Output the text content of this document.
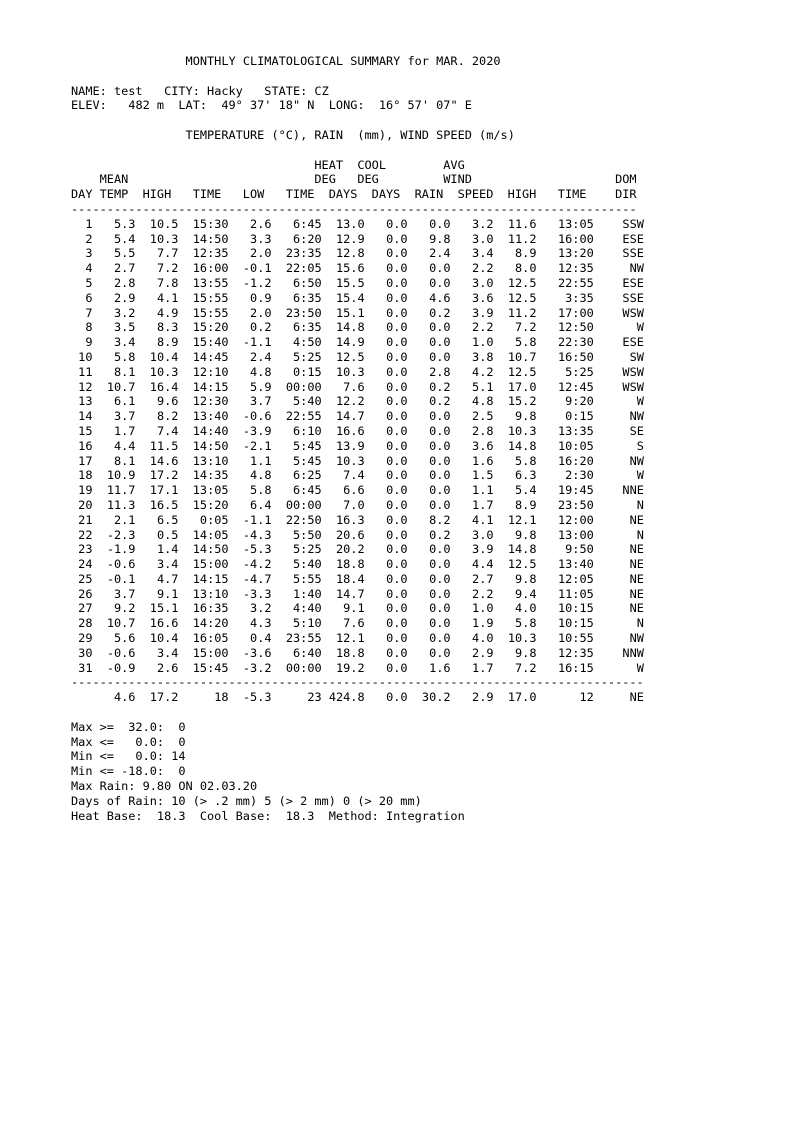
MONTHLY CLIMATOLOGICAL SUMMARY for MAR. 2020

NAME: test   CITY: Hacky   STATE: CZ
ELEV:   482 m  LAT:  49° 37' 18" N  LONG:  16° 57' 07" E

TEMPERATURE (°C), RAIN  (mm), WIND SPEED (m/s)

HEAT  COOL        AVG
MEAN                          DEG   DEG         WIND                    DOM
DAY TEMP  HIGH   TIME   LOW   TIME  DAYS  DAYS  RAIN  SPEED  HIGH   TIME    DIR
-------------------------------------------------------------------------------
1 5.3 10.5 15:30 2.6 6:45 13.0 0.0 0.0 3.2 11.6 13:05 SSW
2 5.4 10.3 14:50 3.3 6:20 12.9 0.0 9.8 3.0 11.2 16:00 ESE
3 5.5 7.7 12:35 2.0 23:35 12.8 0.0 2.4 3.4 8.9 13:20 SSE
4 2.7 7.2 16:00 -0.1 22:05 15.6 0.0 0.0 2.2 8.0 12:35	NW
5 2.8 7.8 13:55 -1.2 6:50 15.5 0.0 0.0 3.0 12.5 22:55 ESE
6 2.9 4.1 15:55 0.9 6:35 15.4 0.0 4.6 3.6 12.5 3:35 SSE
7 3.2 4.9 15:55 2.0 23:50 15.1 0.0 0.2 3.9 11.2 17:00 WSW
8 3.5 8.3 15:20 0.2 6:35 14.8 0.0 0.0 2.2 7.2 12:50	W
9 3.4 8.9 15:40 -1.1 4:50 14.9 0.0 0.0 1.0 5.8 22:30 ESE
10 5.8 10.4 14:45 2.4 5:25 12.5 0.0 0.0 3.8 10.7 16:50	SW
11 8.1 10.3 12:10 4.8 0:15 10.3 0.0 2.8 4.2 12.5 5:25 WSW
12 10.7 16.4 14:15 5.9 00:00 7.6 0.0 0.2 5.1 17.0 12:45 WSW
13 6.1 9.6 12:30 3.7 5:40 12.2 0.0 0.2 4.8 15.2 9:20	W
14 3.7 8.2 13:40 -0.6 22:55 14.7 0.0 0.0 2.5 9.8 0:15	NW
15 1.7 7.4 14:40 -3.9 6:10 16.6 0.0 0.0 2.8 10.3 13:35	SE
16 4.4 11.5 14:50 -2.1 5:45 13.9 0.0 0.0 3.6 14.8 10:05	S
17 8.1 14.6 13:10 1.1 5:45 10.3 0.0 0.0 1.6 5.8 16:20	NW
18 10.9 17.2 14:35 4.8 6:25 7.4 0.0 0.0 1.5 6.3 2:30	W
19 11.7 17.1 13:05 5.8 6:45 6.6 0.0 0.0 1.1 5.4 19:45 NNE
20 11.3 16.5 15:20 6.4 00:00 7.0 0.0 0.0 1.7 8.9 23:50	N
21 2.1 6.5 0:05 -1.1 22:50 16.3 0.0 8.2 4.1 12.1 12:00	NE
22 -2.3 0.5 14:05 -4.3 5:50 20.6 0.0 0.2 3.0 9.8 13:00	N
23 -1.9 1.4 14:50 -5.3 5:25 20.2 0.0 0.0 3.9 14.8 9:50	NE
24 -0.6 3.4 15:00 -4.2 5:40 18.8 0.0 0.0 4.4 12.5 13:40	NE
25 -0.1 4.7 14:15 -4.7 5:55 18.4 0.0 0.0 2.7 9.8 12:05	NE
26 3.7 9.1 13:10 -3.3 1:40 14.7 0.0 0.0 2.2 9.4 11:05	NE
27 9.2 15.1 16:35 3.2 4:40 9.1 0.0 0.0 1.0 4.0 10:15	NE
28 10.7 16.6 14:20 4.3 5:10 7.6 0.0 0.0 1.9 5.8 10:15	N
29 5.6 10.4 16:05 0.4 23:55 12.1 0.0 0.0 4.0 10.3 10:55	NW
30 -0.6 3.4 15:00 -3.6 6:40 18.8 0.0 0.0 2.9 9.8 12:35 NNW
31 -0.9 2.6 15:45 -3.2 00:00 19.2 0.0 1.6 1.7 7.2 16:15	W
--------------------------------------------------------------------------------
4.6 17.2	18 -5.3	23 424.8 0.0 30.2 2.9 17.0	12	NE

Max >=  32.0:  0
Max <=   0.0:  0
Min <=   0.0: 14
Min <= -18.0:  0
Max Rain: 9.80 ON 02.03.20
Days of Rain: 10 (> .2 mm) 5 (> 2 mm) 0 (> 20 mm)
Heat Base:  18.3  Cool Base:  18.3  Method: Integration
